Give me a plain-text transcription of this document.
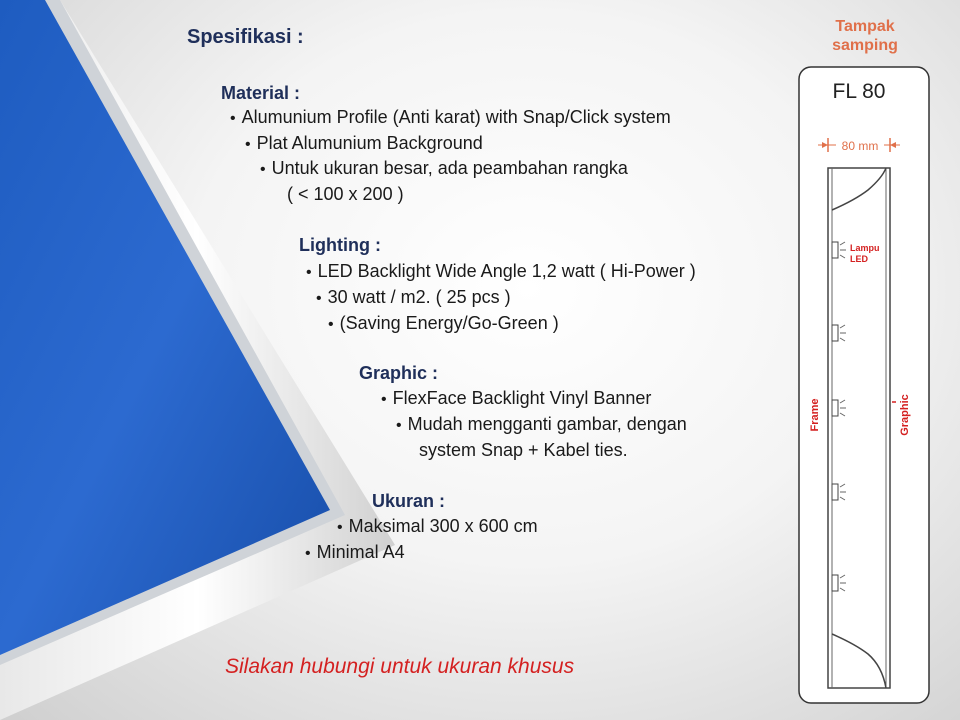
Spesifikasi :

Material :

• Alumunium Profile (Anti karat) with Snap/Click system

• Plat Alumunium Background

• Untuk ukuran besar, ada peambahan rangka

( < 100 x 200 )

Lighting :

• LED Backlight Wide Angle 1,2 watt ( Hi-Power )

• 30 watt / m2. ( 25 pcs )

• (Saving Energy/Go-Green )

Graphic :

• FlexFace Backlight Vinyl Banner

• Mudah mengganti gambar, dengan

system Snap + Kabel ties.

Ukuran :

• Maksimal 300 x 600 cm

• Minimal A4

Silakan hubungi untuk ukuran khusus

Tampak samping

FL 80
80 mm
Lampu
LED
Frame	Graphic
